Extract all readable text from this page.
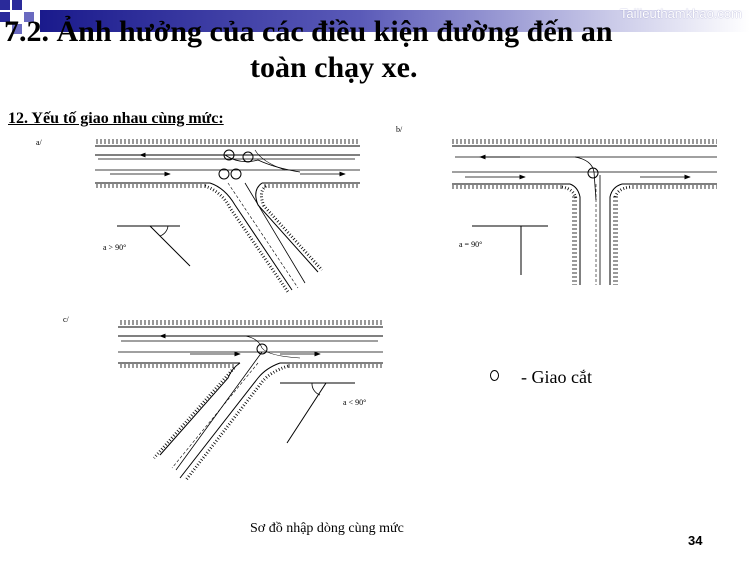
Tailieuthamkhao.com
7.2. Ảnh hưởng của các điều kiện đường đến an
toàn chạy xe.
12. Yếu tố giao nhau cùng mức:
a/
a > 90°
b/
a = 90°
c/
a < 90°
- Giao cắt
Sơ đồ nhập dòng cùng mức
34
